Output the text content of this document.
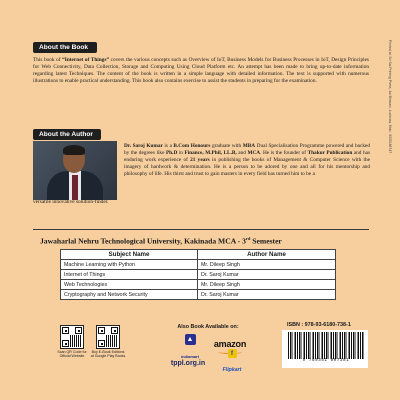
About the Book
This book of “Internet of Things” covers the various concepts such as Overview of IoT, Business Models for Business Processes in IoT, Design Principles for Web Connectivity, Data Collection, Storage and Computing Using Cloud Platform etc. An attempt has been made to bring up-to-date information regarding latest Techniques. The content of the book is written in a simple language with detailed information. The text is supported with numerous illustrations to enable practical understanding. This book also contains exercise to assist the students in preparing for the examination.
About the Author
Dr. Saroj Kumar is a B.Com Honours graduate with MBA Dual Specialisation Programme powered and backed by the degrees like Ph.D in Finance, M.Phil, LL.B, and MCA. He is the founder of Thakur Publication and has enduring work experience of 21 years in publishing the books of Management & Computer Science with the imagery of hardwork & determination. He is a person to be adored by one and all for his mentorship and philosophy of life. His thirst and trust to gain masters in every field has turned him to be a
versatile innovative solution-finder.
Jawaharlal Nehru Technological University, Kakinada MCA - 3rd Semester
Subject Name	Author Name
Machine Learning with Python	Mr. Dileep Singh
Internet of Things	Dr. Saroj Kumar
Web Technologies	Mr. Dileep Singh
Cryptography and Network Security	Dr. Saroj Kumar
Scan QR Code for Official Website
Buy E-Book Editions at Google Play Books
Also Book Available on:
▲
indiamart
amazon
tppl.org.in
f
Flipkart
ISBN : 978-93-6180-738-1
9 789361 807381
Printed at: Sri Sai Printing Press, Jai Bhavani, Lucknow. Mob.: 9335186747
